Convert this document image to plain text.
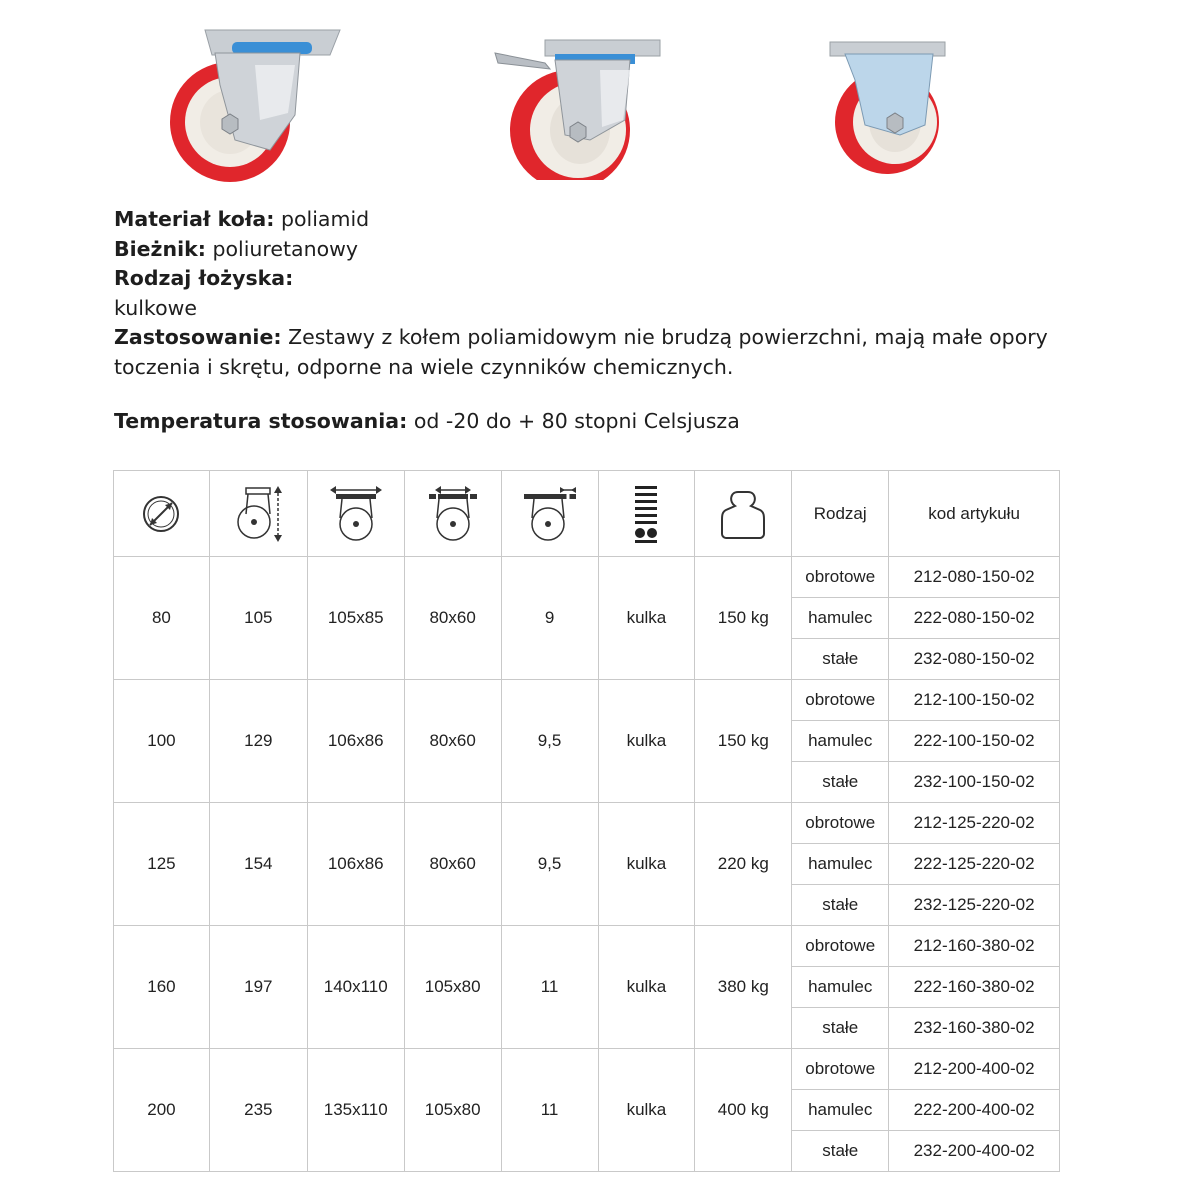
Materiał koła: poliamid

Bieżnik: poliuretanowy

Rodzaj łożyska:

kulkowe

Zastosowanie: Zestawy z kołem poliamidowym nie brudzą powierzchni, mają małe opory toczenia i skrętu, odporne na wiele czynników chemicznych.

Temperatura stosowania: od -20 do + 80 stopni Celsjusza
							Rodzaj	kod artykułu
80	105	105x85	80x60	9	kulka	150 kg	obrotowe	212-080-150-02
							hamulec	222-080-150-02
							stałe	232-080-150-02
100	129	106x86	80x60	9,5	kulka	150 kg	obrotowe	212-100-150-02
							hamulec	222-100-150-02
							stałe	232-100-150-02
125	154	106x86	80x60	9,5	kulka	220 kg	obrotowe	212-125-220-02
							hamulec	222-125-220-02
							stałe	232-125-220-02
160	197	140x110	105x80	11	kulka	380 kg	obrotowe	212-160-380-02
							hamulec	222-160-380-02
							stałe	232-160-380-02
200	235	135x110	105x80	11	kulka	400 kg	obrotowe	212-200-400-02
							hamulec	222-200-400-02
							stałe	232-200-400-02
